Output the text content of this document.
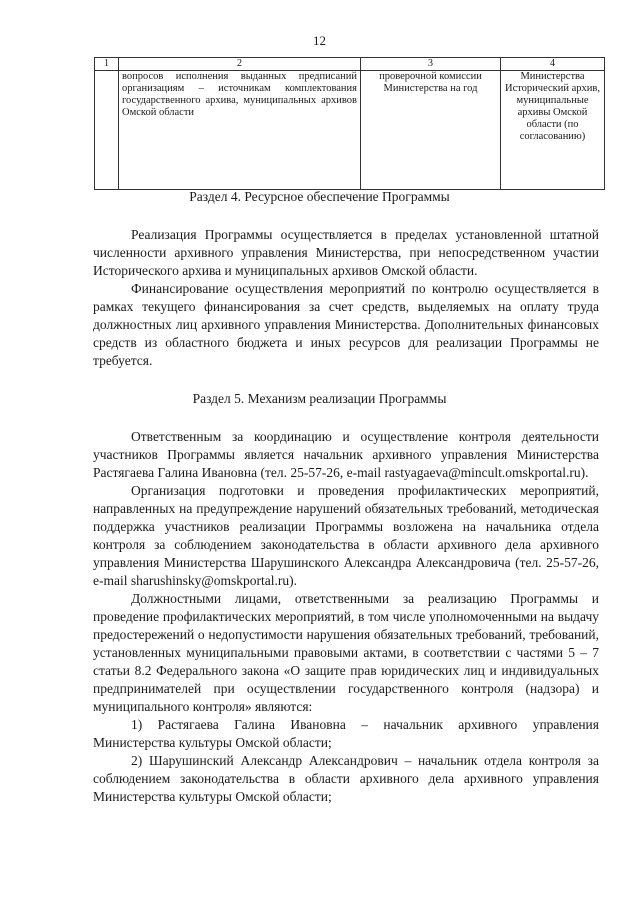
12
1	2	3	4
	вопросов исполнения выданных предписаний организациям – источникам комплектования государственного архива, муниципальных архивов Омской области	проверочной комиссии Министерства на год	Министерства Исторический архив, муниципальные архивы Омской области (по согласованию)
Раздел 4. Ресурсное обеспечение Программы

Реализация Программы осуществляется в пределах установленной штатной численности архивного управления Министерства, при непосредственном участии Исторического архива и муниципальных архивов Омской области.

Финансирование осуществления мероприятий по контролю осуществляется в рамках текущего финансирования за счет средств, выделяемых на оплату труда должностных лиц архивного управления Министерства. Дополнительных финансовых средств из областного бюджета и иных ресурсов для реализации Программы не требуется.

Раздел 5. Механизм реализации Программы

Ответственным за координацию и осуществление контроля деятельности участников Программы является начальник архивного управления Министерства Растягаева Галина Ивановна (тел. 25-57-26, e-mail rastyagaeva@mincult.omskportal.ru).

Организация подготовки и проведения профилактических мероприятий, направленных на предупреждение нарушений обязательных требований, методическая поддержка участников реализации Программы возложена на начальника отдела контроля за соблюдением законодательства в области архивного дела архивного управления Министерства Шарушинского Александра Александровича (тел. 25-57-26, e-mail sharushinsky@omskportal.ru).

Должностными лицами, ответственными за реализацию Программы и проведение профилактических мероприятий, в том числе уполномоченными на выдачу предостережений о недопустимости нарушения обязательных требований, требований, установленных муниципальными правовыми актами, в соответствии с частями 5 – 7 статьи 8.2 Федерального закона «О защите прав юридических лиц и индивидуальных предпринимателей при осуществлении государственного контроля (надзора) и муниципального контроля» являются:

1) Растягаева Галина Ивановна – начальник архивного управления Министерства культуры Омской области;

2) Шарушинский Александр Александрович – начальник отдела контроля за соблюдением законодательства в области архивного дела архивного управления Министерства культуры Омской области;
